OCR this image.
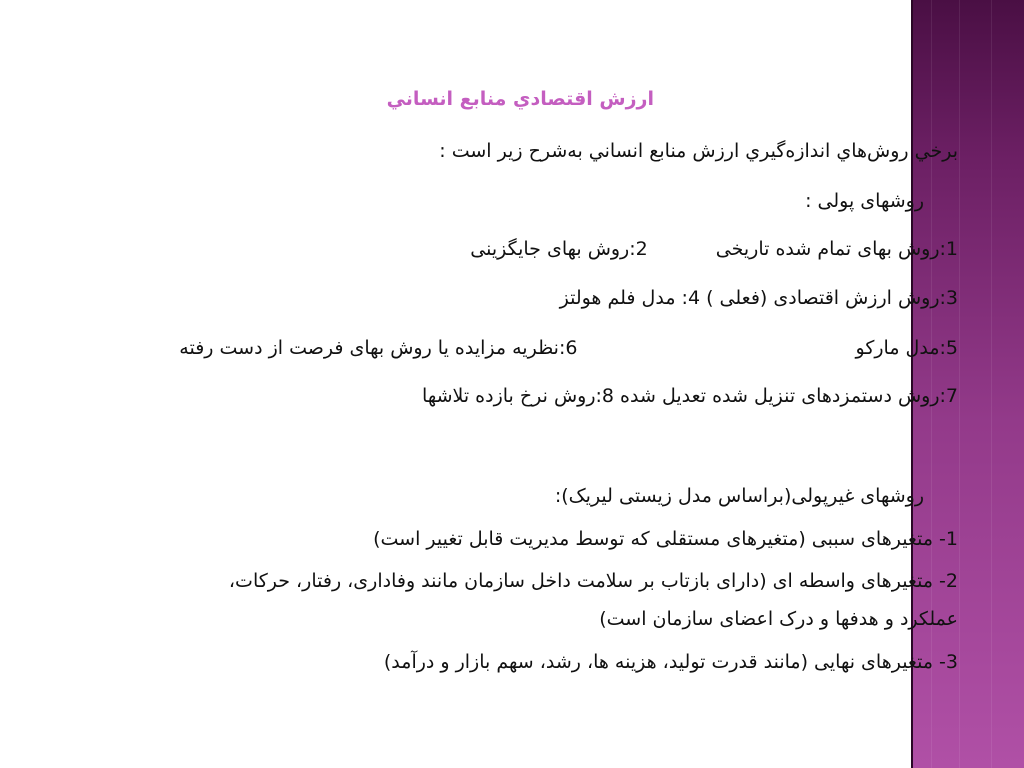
ارزش اقتصادي منابع انساني
برخي روش‌هاي اندازه‌گيري ارزش منابع انساني به‌شرح زير است :
روشهای پولی :
1:روش بهای تمام شده تاریخی 2:روش بهای جایگزینی
3:روش ارزش اقتصادی (فعلی ) 4: مدل فلم هولتز
5:مدل مارکو 6:نظریه مزایده یا روش بهای فرصت از دست رفته
7:روش دستمزدهای تنزیل شده تعدیل شده 8:روش نرخ بازده تلاشها
روشهای غیرپولی(براساس مدل زیستی لیریک):
1- متغیرهای سببی (متغیرهای مستقلی که توسط مدیریت قابل تغییر است)
2- متغیرهای واسطه ای (دارای بازتاب بر سلامت داخل سازمان مانند وفاداری، رفتار، حرکات،
عملکرد و هدفها و درک اعضای سازمان است)
3- متغیرهای نهایی (مانند قدرت تولید، هزینه ها، رشد، سهم بازار و درآمد)
